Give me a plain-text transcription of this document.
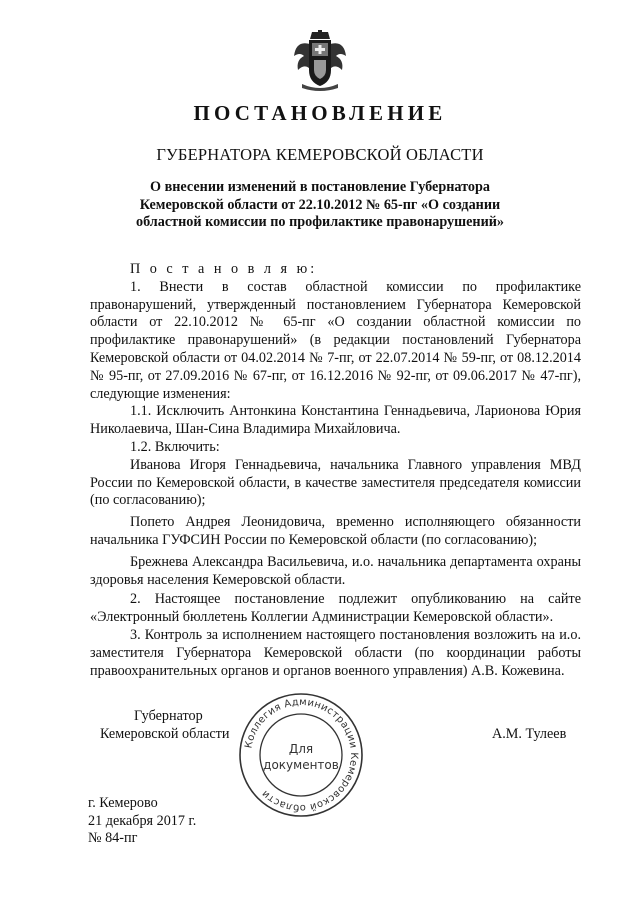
ПОСТАНОВЛЕНИЕ
ГУБЕРНАТОРА КЕМЕРОВСКОЙ ОБЛАСТИ
О внесении изменений в постановление Губернатора
Кемеровской области от 22.10.2012 № 65-пг «О создании
областной комиссии по профилактике правонарушений»

П о с т а н о в л я ю:

1. Внести в состав областной комиссии по профилактике правонарушений, утвержденный постановлением Губернатора Кемеровской области от 22.10.2012 № 65-пг «О создании областной комиссии по профилактике правонарушений» (в редакции постановлений Губернатора Кемеровской области от 04.02.2014 № 7-пг, от 22.07.2014 № 59-пг, от 08.12.2014 № 95-пг, от 27.09.2016 № 67-пг, от 16.12.2016 № 92-пг, от 09.06.2017 № 47-пг), следующие изменения:

1.1. Исключить Антонкина Константина Геннадьевича, Ларионова Юрия Николаевича, Шан-Сина Владимира Михайловича.

1.2. Включить:

Иванова Игоря Геннадьевича, начальника Главного управления МВД России по Кемеровской области, в качестве заместителя председателя комиссии (по согласованию);

Попето Андрея Леонидовича, временно исполняющего обязанности начальника ГУФСИН России по Кемеровской области (по согласованию);

Брежнева Александра Васильевича, и.о. начальника департамента охраны здоровья населения Кемеровской области.

2. Настоящее постановление подлежит опубликованию на сайте «Электронный бюллетень Коллегии Администрации Кемеровской области».

3. Контроль за исполнением настоящего постановления возложить на и.о. заместителя Губернатора Кемеровской области (по координации работы правоохранительных органов и органов военного управления) А.В. Кожевина.

Коллегия Администрации Кемеровской области
Для
документов
Губернатор
Кемеровской области	А.М. Тулеев
г. Кемерово
21 декабря 2017 г.
№ 84-пг
